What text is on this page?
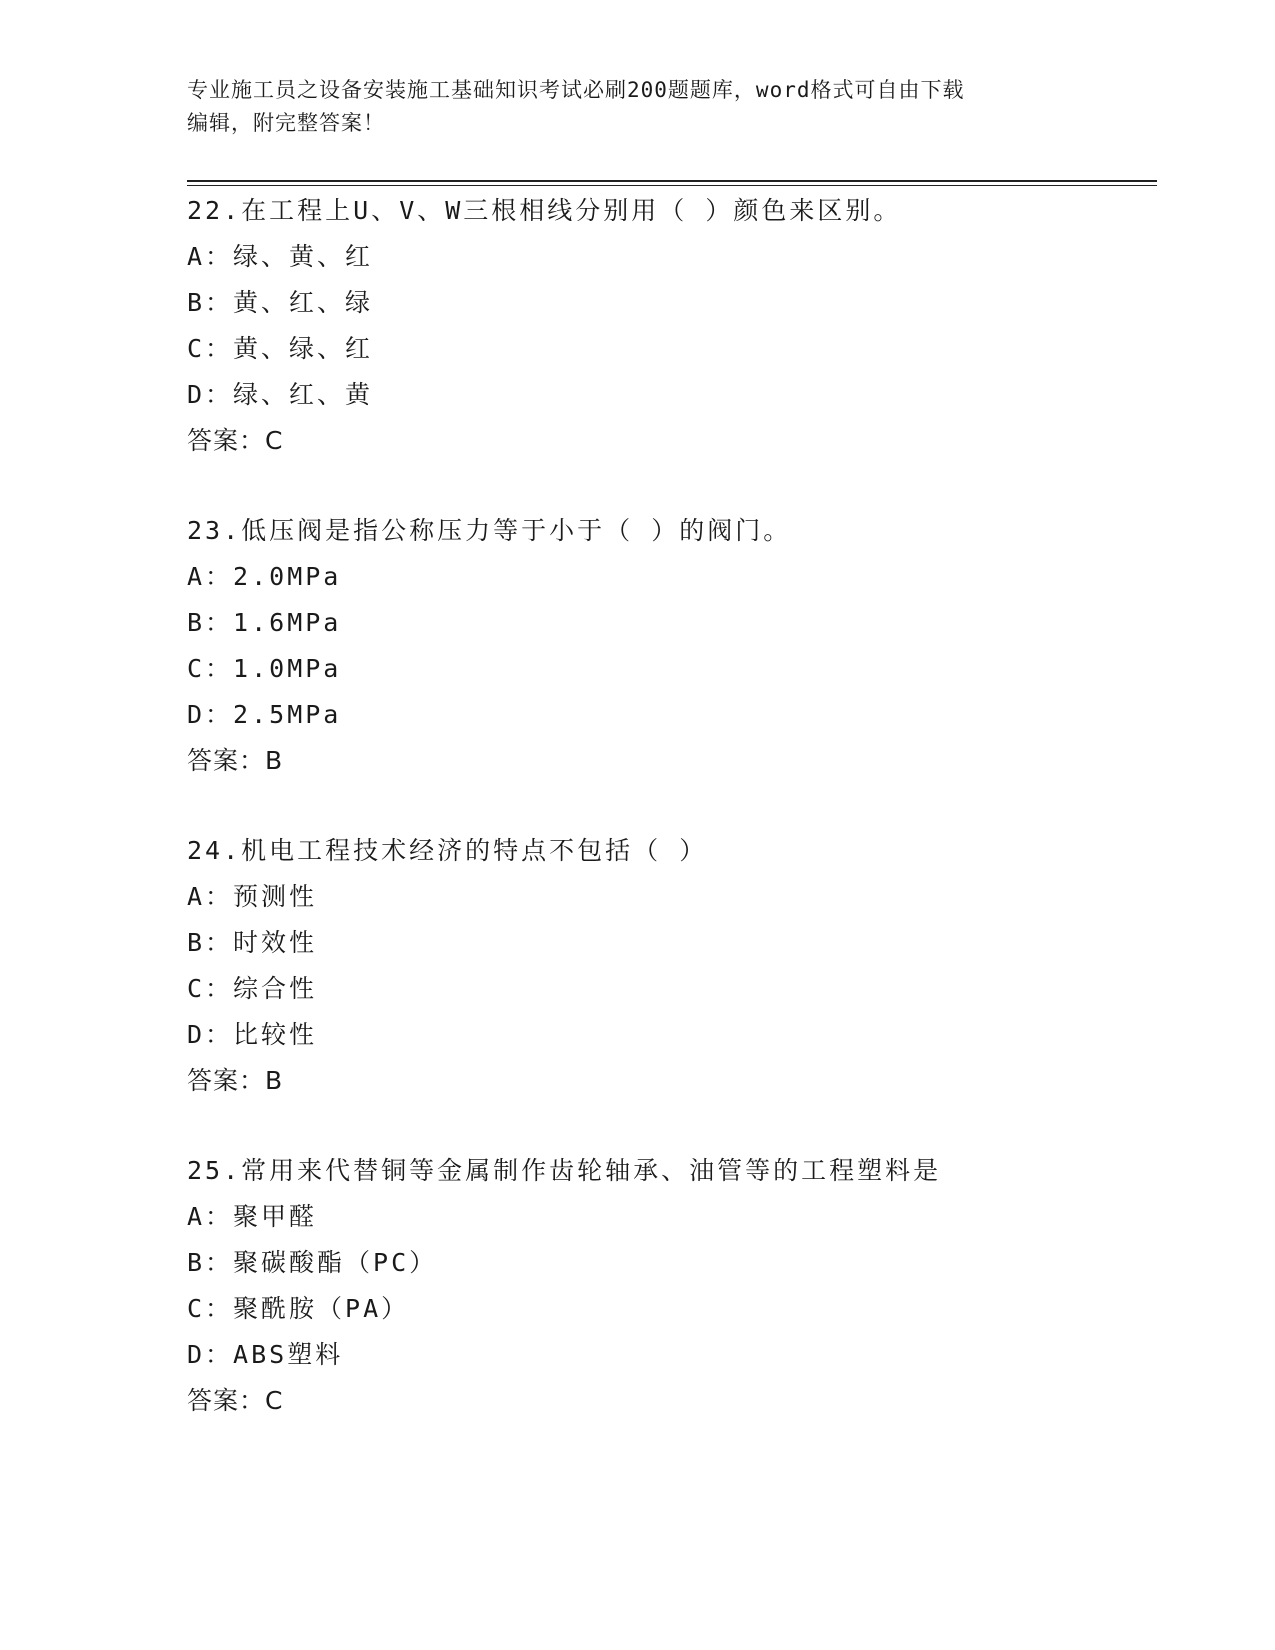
专业施工员之设备安装施工基础知识考试必刷200题题库，word格式可自由下载
编辑，附完整答案！
22.在工程上U、V、W三根相线分别用（ ）颜色来区别。
A：绿、黄、红
B：黄、红、绿
C：黄、绿、红
D：绿、红、黄
答案：C
23.低压阀是指公称压力等于小于（ ）的阀门。
A：2.0MPa
B：1.6MPa
C：1.0MPa
D：2.5MPa
答案：B
24.机电工程技术经济的特点不包括（ ）
A：预测性
B：时效性
C：综合性
D：比较性
答案：B
25.常用来代替铜等金属制作齿轮轴承、油管等的工程塑料是
A：聚甲醛
B：聚碳酸酯（PC）
C：聚酰胺（PA）
D：ABS塑料
答案：C
